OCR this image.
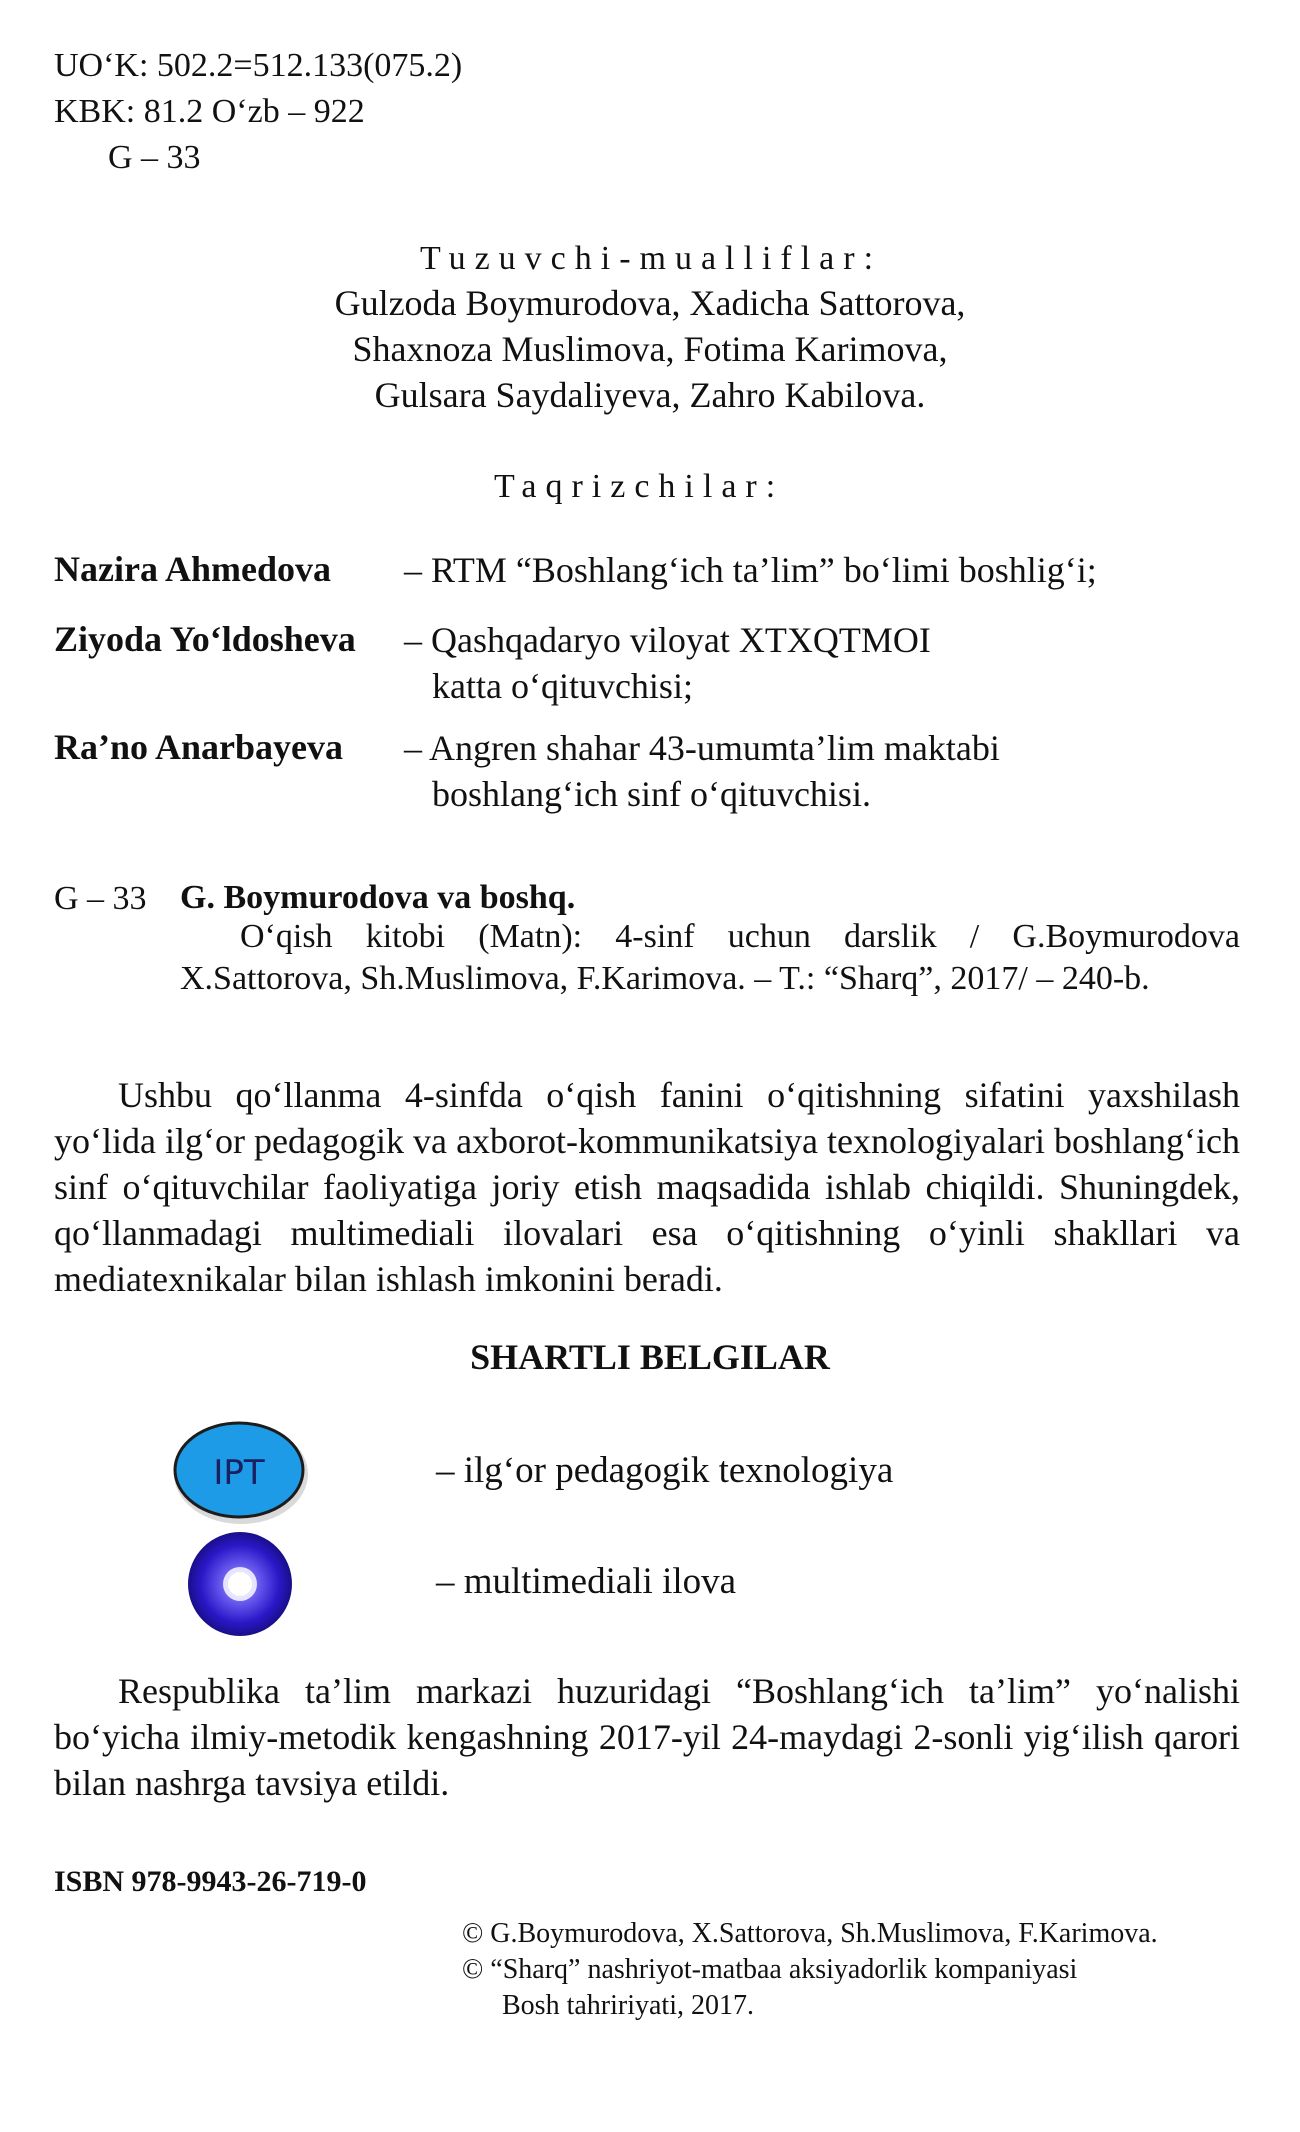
UO‘K: 502.2=512.133(075.2)
KBK: 81.2 O‘zb – 922
G – 33
Tuzuvchi-mualliflar:
Gulzoda Boymurodova, Xadicha Sattorova,
Shaxnoza Muslimova, Fotima Karimova,
Gulsara Saydaliyeva, Zahro Kabilova.
Taqrizchilar:
Nazira Ahmedova – RTM “Boshlang‘ich ta’lim” bo‘limi boshlig‘i;
Ziyoda Yo‘ldosheva – Qashqadaryo viloyat XTXQTMOI
katta o‘qituvchisi;
Ra’no Anarbayeva – Angren shahar 43-umumta’lim maktabi
boshlang‘ich sinf o‘qituvchisi.
G – 33 G. Boymurodova va boshq.
O‘qish kitobi (Matn): 4-sinf uchun darslik / G.Boymurodova X.Sattorova, Sh.Muslimova, F.Karimova. – T.: “Sharq”, 2017/ – 240-b.
Ushbu qo‘llanma 4-sinfda o‘qish fanini o‘qitishning sifatini yaxshilash yo‘lida ilg‘or pedagogik va axborot-kommunikatsiya texnologiyalari boshlang‘ich sinf o‘qituvchilar faoliyatiga joriy etish maqsadida ishlab chiqildi. Shuningdek, qo‘llanmadagi multimediali ilovalari esa o‘qitishning o‘yinli shakllari va mediatexnikalar bilan ishlash imkonini beradi.
SHARTLI BELGILAR
IPT	– ilg‘or pedagogik texnologiya
– multimediali ilova
Respublika ta’lim markazi huzuridagi “Boshlang‘ich ta’lim” yo‘nalishi bo‘yicha ilmiy-metodik kengashning 2017-yil 24-maydagi 2-sonli yig‘ilish qarori bilan nashrga tavsiya etildi.
ISBN 978-9943-26-719-0
© G.Boymurodova, X.Sattorova, Sh.Muslimova, F.Karimova.
© “Sharq” nashriyot-matbaa aksiyadorlik kompaniyasi
Bosh tahririyati, 2017.
